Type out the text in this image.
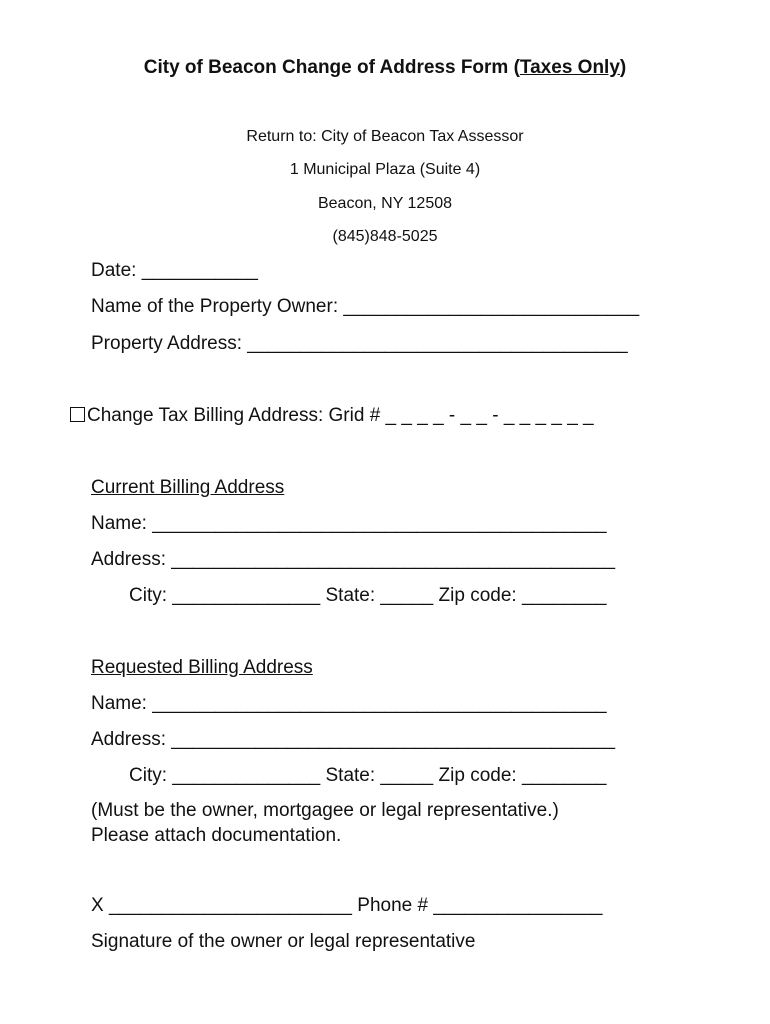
City of Beacon Change of Address Form (Taxes Only)
Return to: City of Beacon Tax Assessor
1 Municipal Plaza (Suite 4)
Beacon, NY 12508
(845)848-5025
Date: ___________
Name of the Property Owner: ____________________________
Property Address: ____________________________________
Change Tax Billing Address: Grid # _ _ _ _ - _ _ - _ _ _ _ _ _
Current Billing Address
Name: ___________________________________________
Address: __________________________________________
City: ______________ State: _____ Zip code: ________
Requested Billing Address
Name: ___________________________________________
Address: __________________________________________
City: ______________ State: _____ Zip code: ________
(Must be the owner, mortgagee or legal representative.)
Please attach documentation.
X _______________________ Phone # ________________
Signature of the owner or legal representative
